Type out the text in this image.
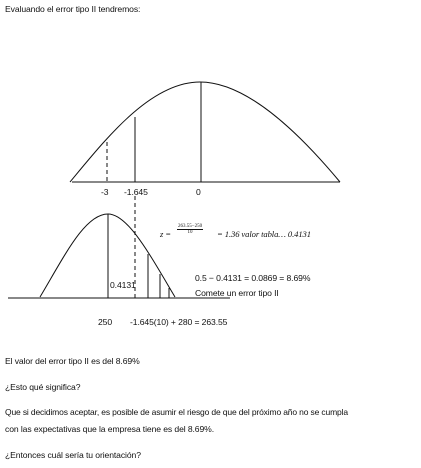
Evaluando el error tipo II tendremos:
-3 -1.645	0
$z = \frac{263.55-250}{10} = 1.36$ valor tabla… 0.4131
0.4131
0.5 − 0.4131 = 0.0869 = 8.69%
Comete un error tipo II
250 -1.645(10) + 280 = 263.55
El valor del error tipo II es del 8.69%
¿Esto qué significa?
Que si decidimos aceptar, es posible de asumir el riesgo de que del próximo año no se cumpla
con las expectativas que la empresa tiene es del 8.69%.
¿Entonces cuál sería tu orientación?
